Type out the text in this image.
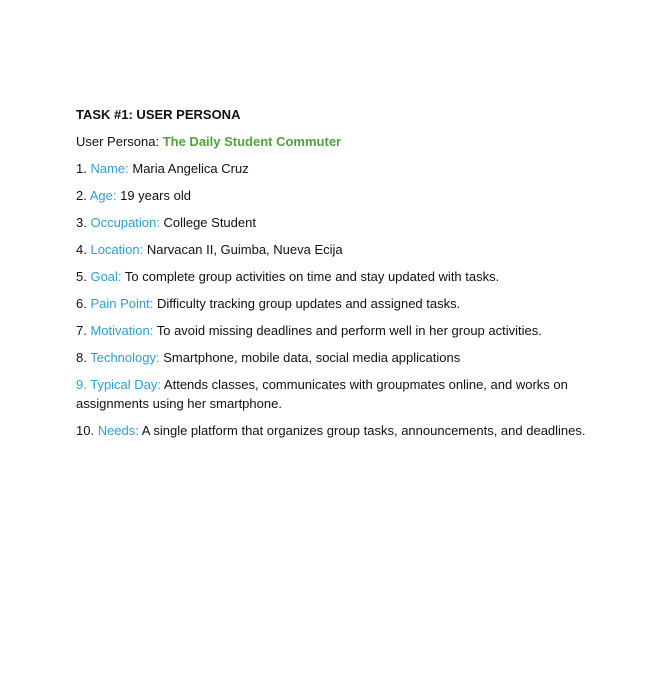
TASK #1: USER PERSONA
User Persona: The Daily Student Commuter
1. Name: Maria Angelica Cruz
2. Age: 19 years old
3. Occupation: College Student
4. Location: Narvacan II, Guimba, Nueva Ecija
5. Goal: To complete group activities on time and stay updated with tasks.
6. Pain Point: Difficulty tracking group updates and assigned tasks.
7. Motivation: To avoid missing deadlines and perform well in her group activities.
8. Technology: Smartphone, mobile data, social media applications
9. Typical Day: Attends classes, communicates with groupmates online, and works on assignments using her smartphone.
10. Needs: A single platform that organizes group tasks, announcements, and deadlines.
